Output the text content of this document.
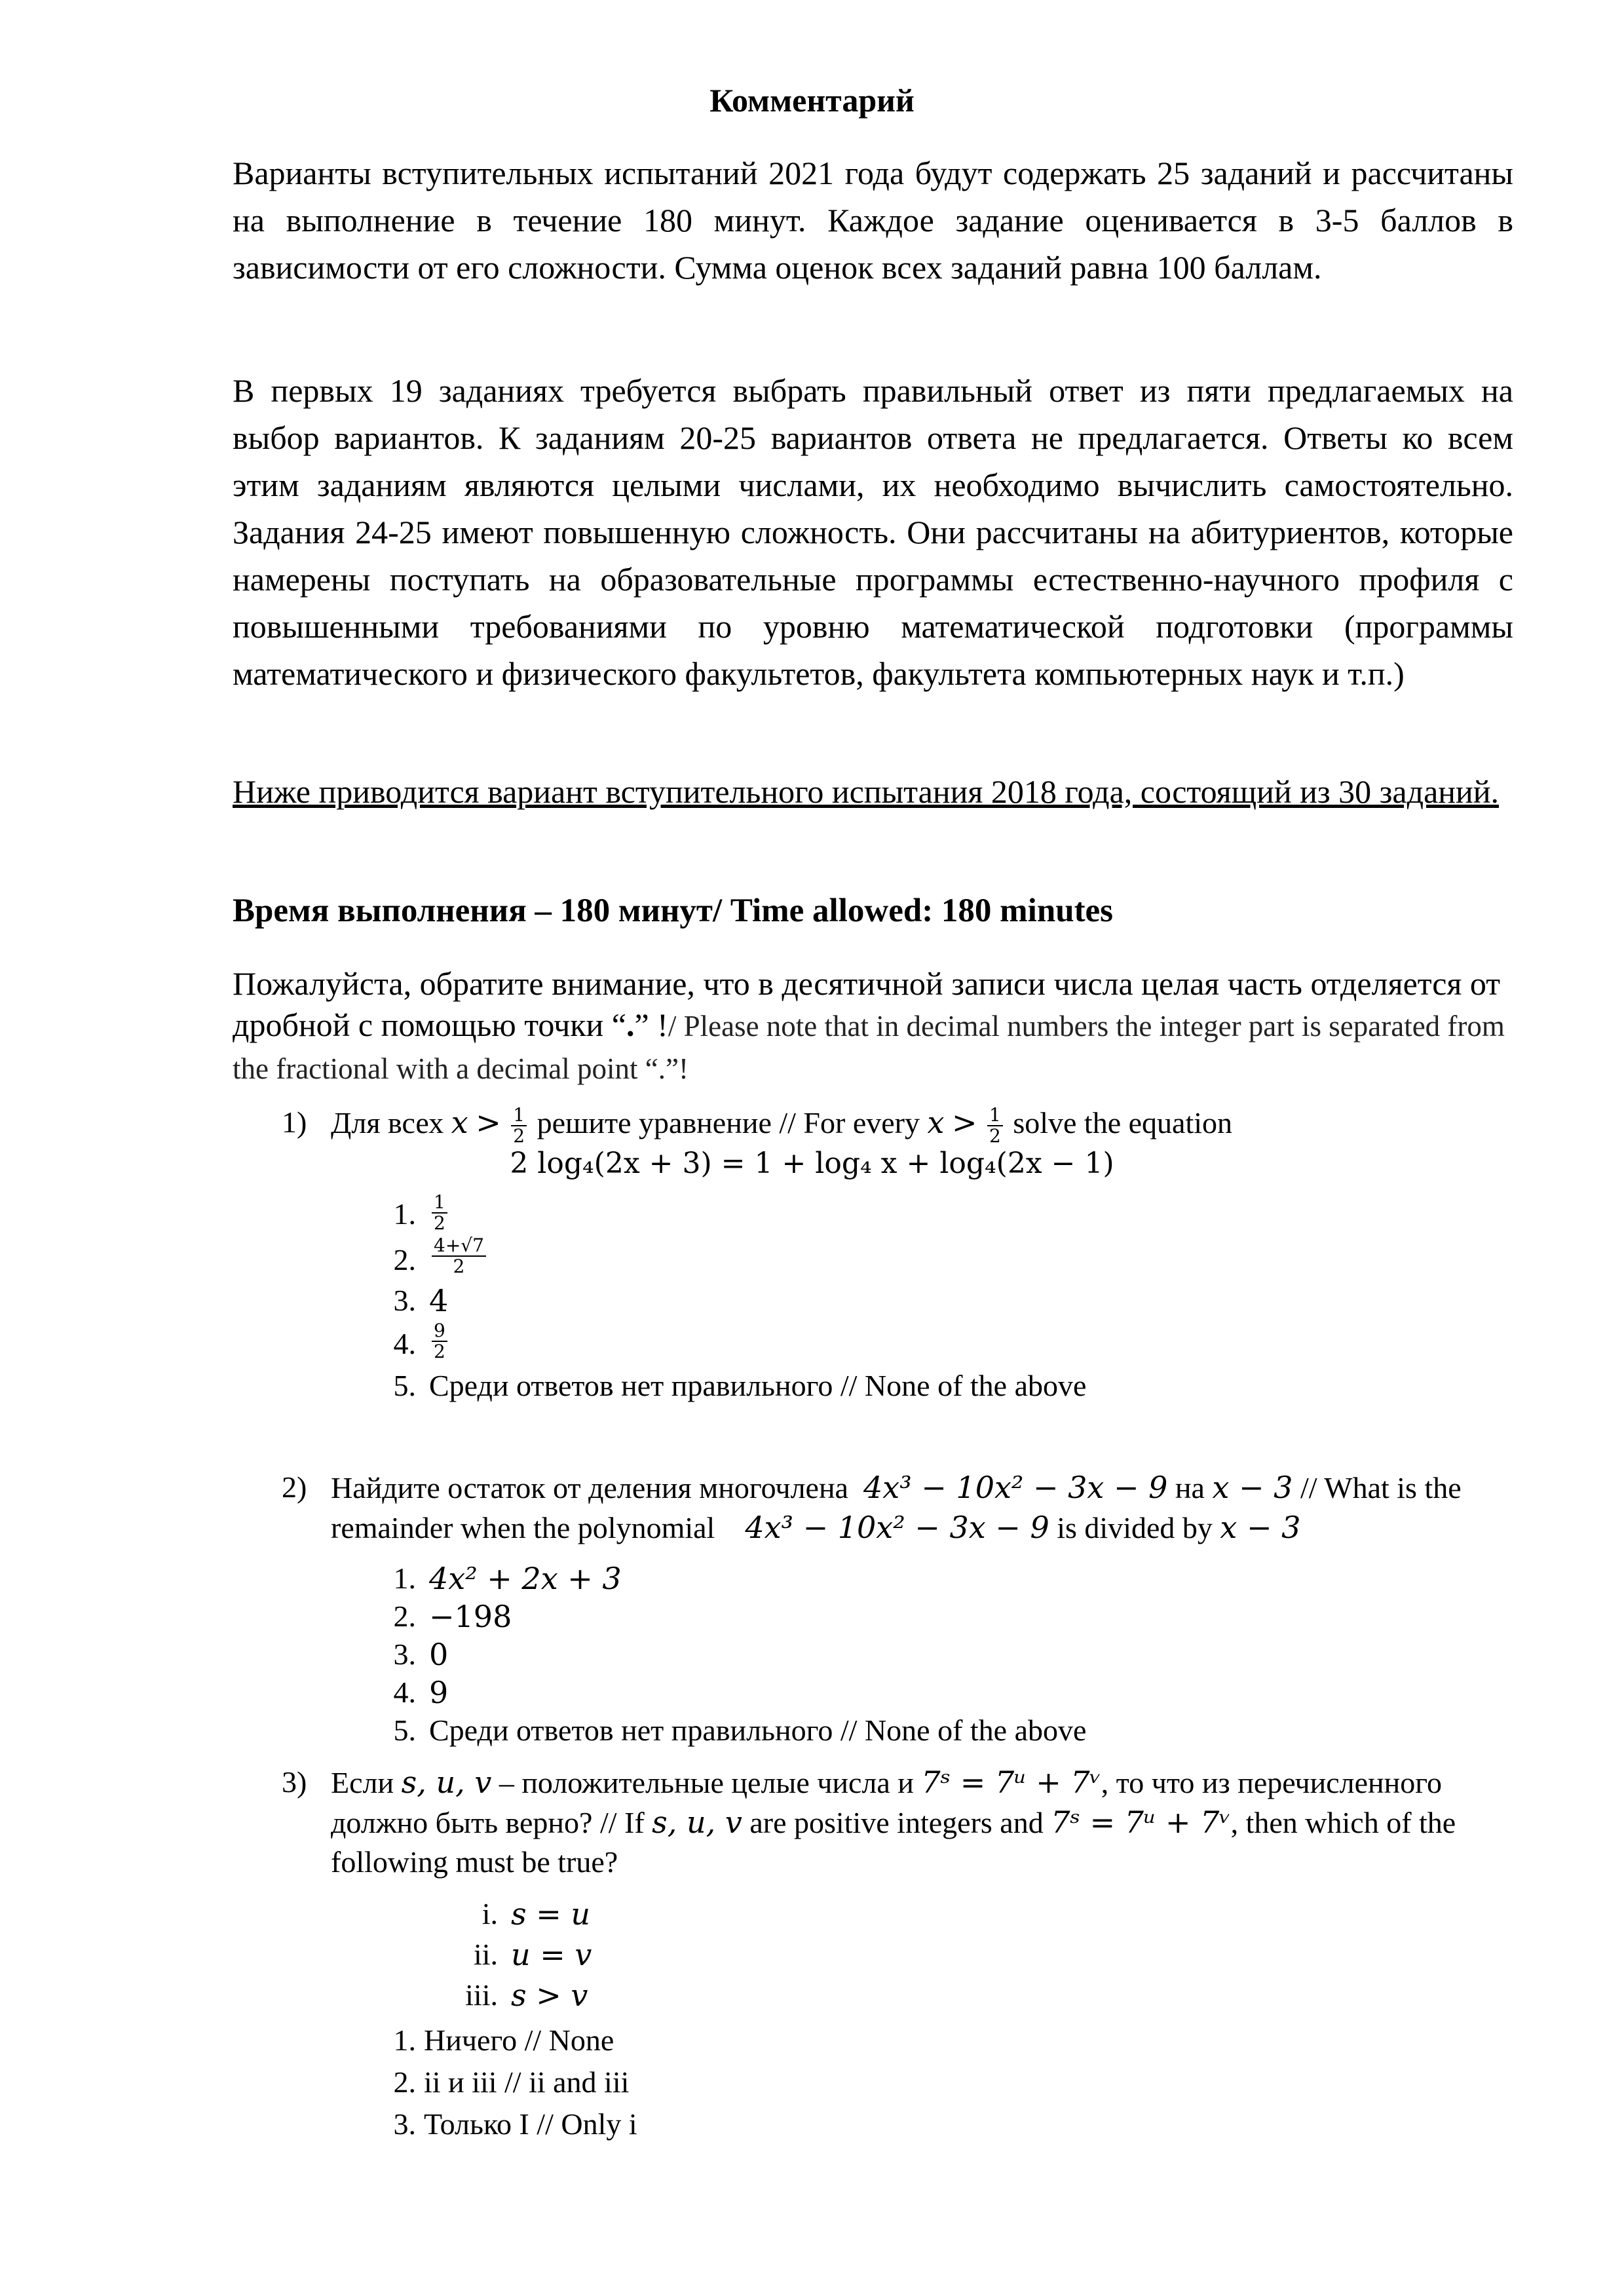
Комментарий

Варианты вступительных испытаний 2021 года будут содержать 25 заданий и рассчитаны на выполнение в течение 180 минут. Каждое задание оценивается в 3-5 баллов в зависимости от его сложности. Сумма оценок всех заданий равна 100 баллам.

В первых 19 заданиях требуется выбрать правильный ответ из пяти предлагаемых на выбор вариантов. К заданиям 20-25 вариантов ответа не предлагается. Ответы ко всем этим заданиям являются целыми числами, их необходимо вычислить самостоятельно. Задания 24-25 имеют повышенную сложность. Они рассчитаны на абитуриентов, которые намерены поступать на образовательные программы естественно-научного профиля с повышенными требованиями по уровню математической подготовки (программы математического и физического факультетов, факультета компьютерных наук и т.п.)

Ниже приводится вариант вступительного испытания 2018 года, состоящий из 30 заданий.

Время выполнения – 180 минут/ Time allowed: 180 minutes

Пожалуйста, обратите внимание, что в десятичной записи числа целая часть отделяется от дробной с помощью точки “.” !/ Please note that in decimal numbers the integer part is separated from the fractional with a decimal point “.”!

1) Для всех $x > \frac{1}{2}$ решите уравнение // For every $x > \frac{1}{2}$ solve the equation
2 log₄(2x + 3) = 1 + log₄ x + log₄(2x − 1)
1. $\frac{1}{2}$
2. $\frac{4+√7}{2}$
3. 4
4. $\frac{9}{2}$
5. Среди ответов нет правильного // None of the above
2) Найдите остаток от деления многочлена 4x³ − 10x² − 3x − 9 на x − 3 // What is the
remainder when the polynomial 4x³ − 10x² − 3x − 9 is divided by x − 3
1. 4x² + 2x + 3
2. −198
3. 0
4. 9
5. Среди ответов нет правильного // None of the above
3) Если s, u, v – положительные целые числа и 7ˢ = 7ᵘ + 7ᵛ, то что из перечисленного
должно быть верно? // If s, u, v are positive integers and 7ˢ = 7ᵘ + 7ᵛ, then which of the
following must be true?
i. s = u
ii. u = v
iii. s > v
1. Ничего // None
2. ii и iii // ii and iii
3. Только I // Only i
